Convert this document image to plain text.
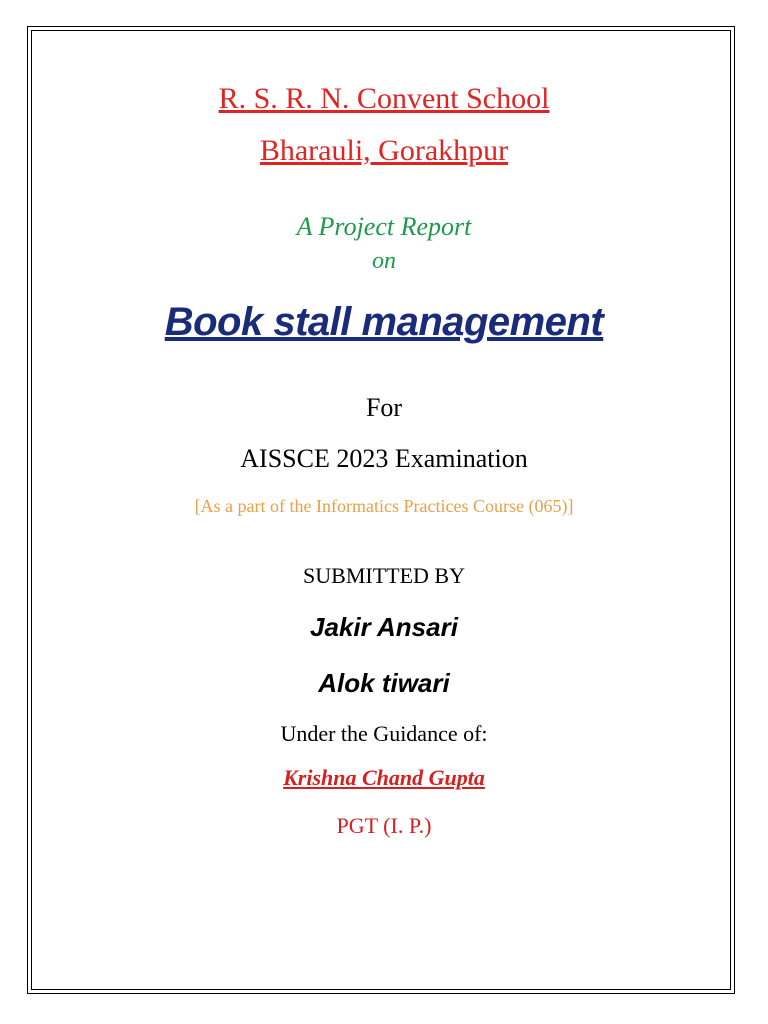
R. S. R. N. Convent School
Bharauli, Gorakhpur
A Project Report
on
Book stall management
For
AISSCE 2023 Examination
[As a part of the Informatics Practices Course (065)]
SUBMITTED BY
Jakir Ansari
Alok tiwari
Under the Guidance of:
Krishna Chand Gupta
PGT (I. P.)
